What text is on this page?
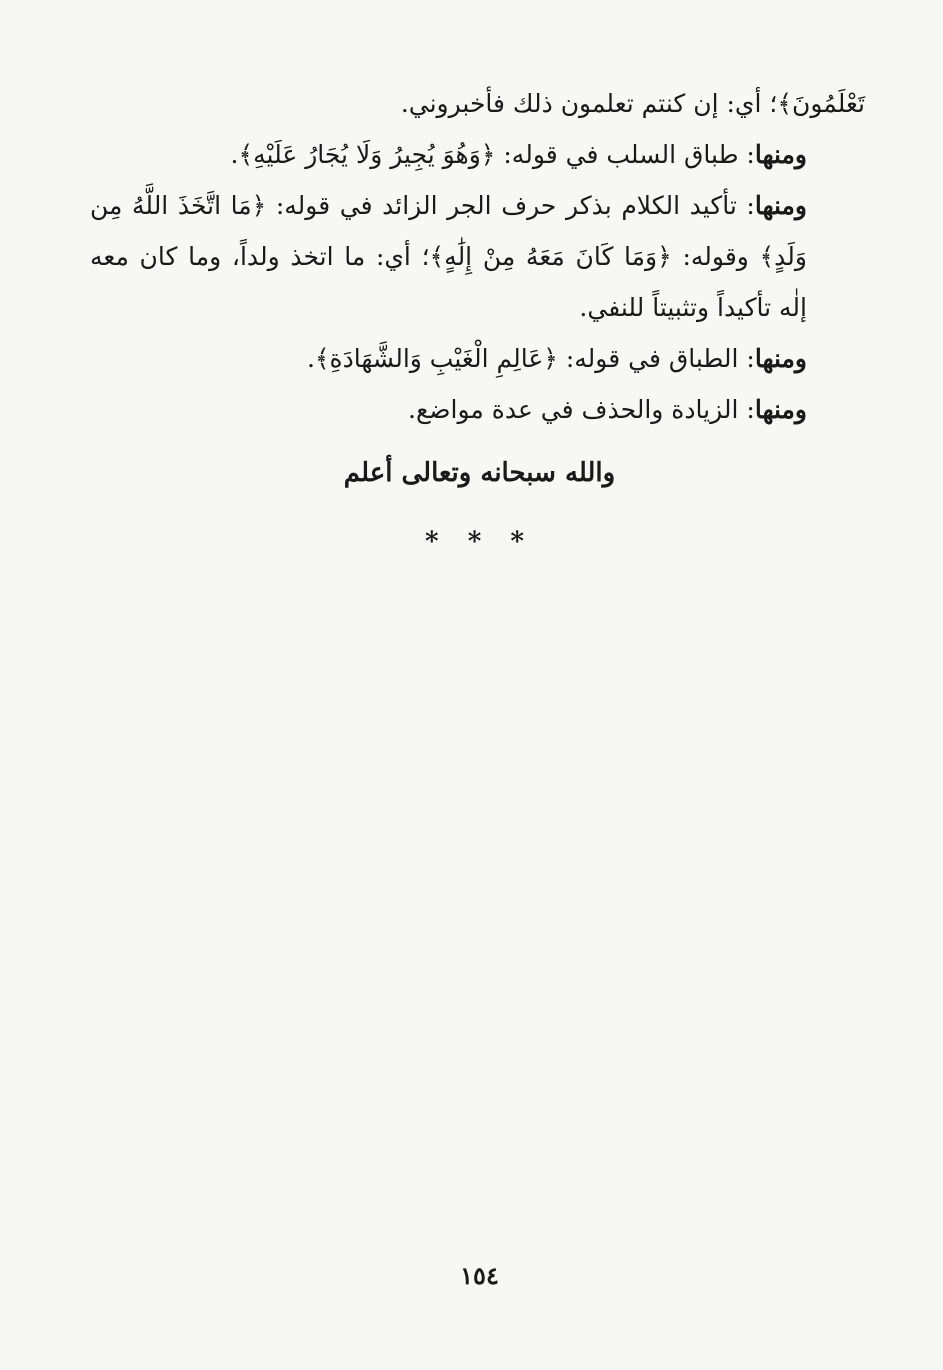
تَعْلَمُونَ﴾؛ أي: إن كنتم تعلمون ذلك فأخبروني.

ومنها: طباق السلب في قوله: ﴿وَهُوَ يُجِيرُ وَلَا يُجَارُ عَلَيْهِ﴾.

ومنها: تأكيد الكلام بذكر حرف الجر الزائد في قوله: ﴿مَا اتَّخَذَ اللَّهُ مِن وَلَدٍ﴾ وقوله: ﴿وَمَا كَانَ مَعَهُ مِنْ إِلَٰهٍ﴾؛ أي: ما اتخذ ولداً، وما كان معه إلٰه تأكيداً وتثبيتاً للنفي.

ومنها: الطباق في قوله: ﴿عَالِمِ الْغَيْبِ وَالشَّهَادَةِ﴾.

ومنها: الزيادة والحذف في عدة مواضع.

والله سبحانه وتعالى أعلم
* * *
١٥٤
